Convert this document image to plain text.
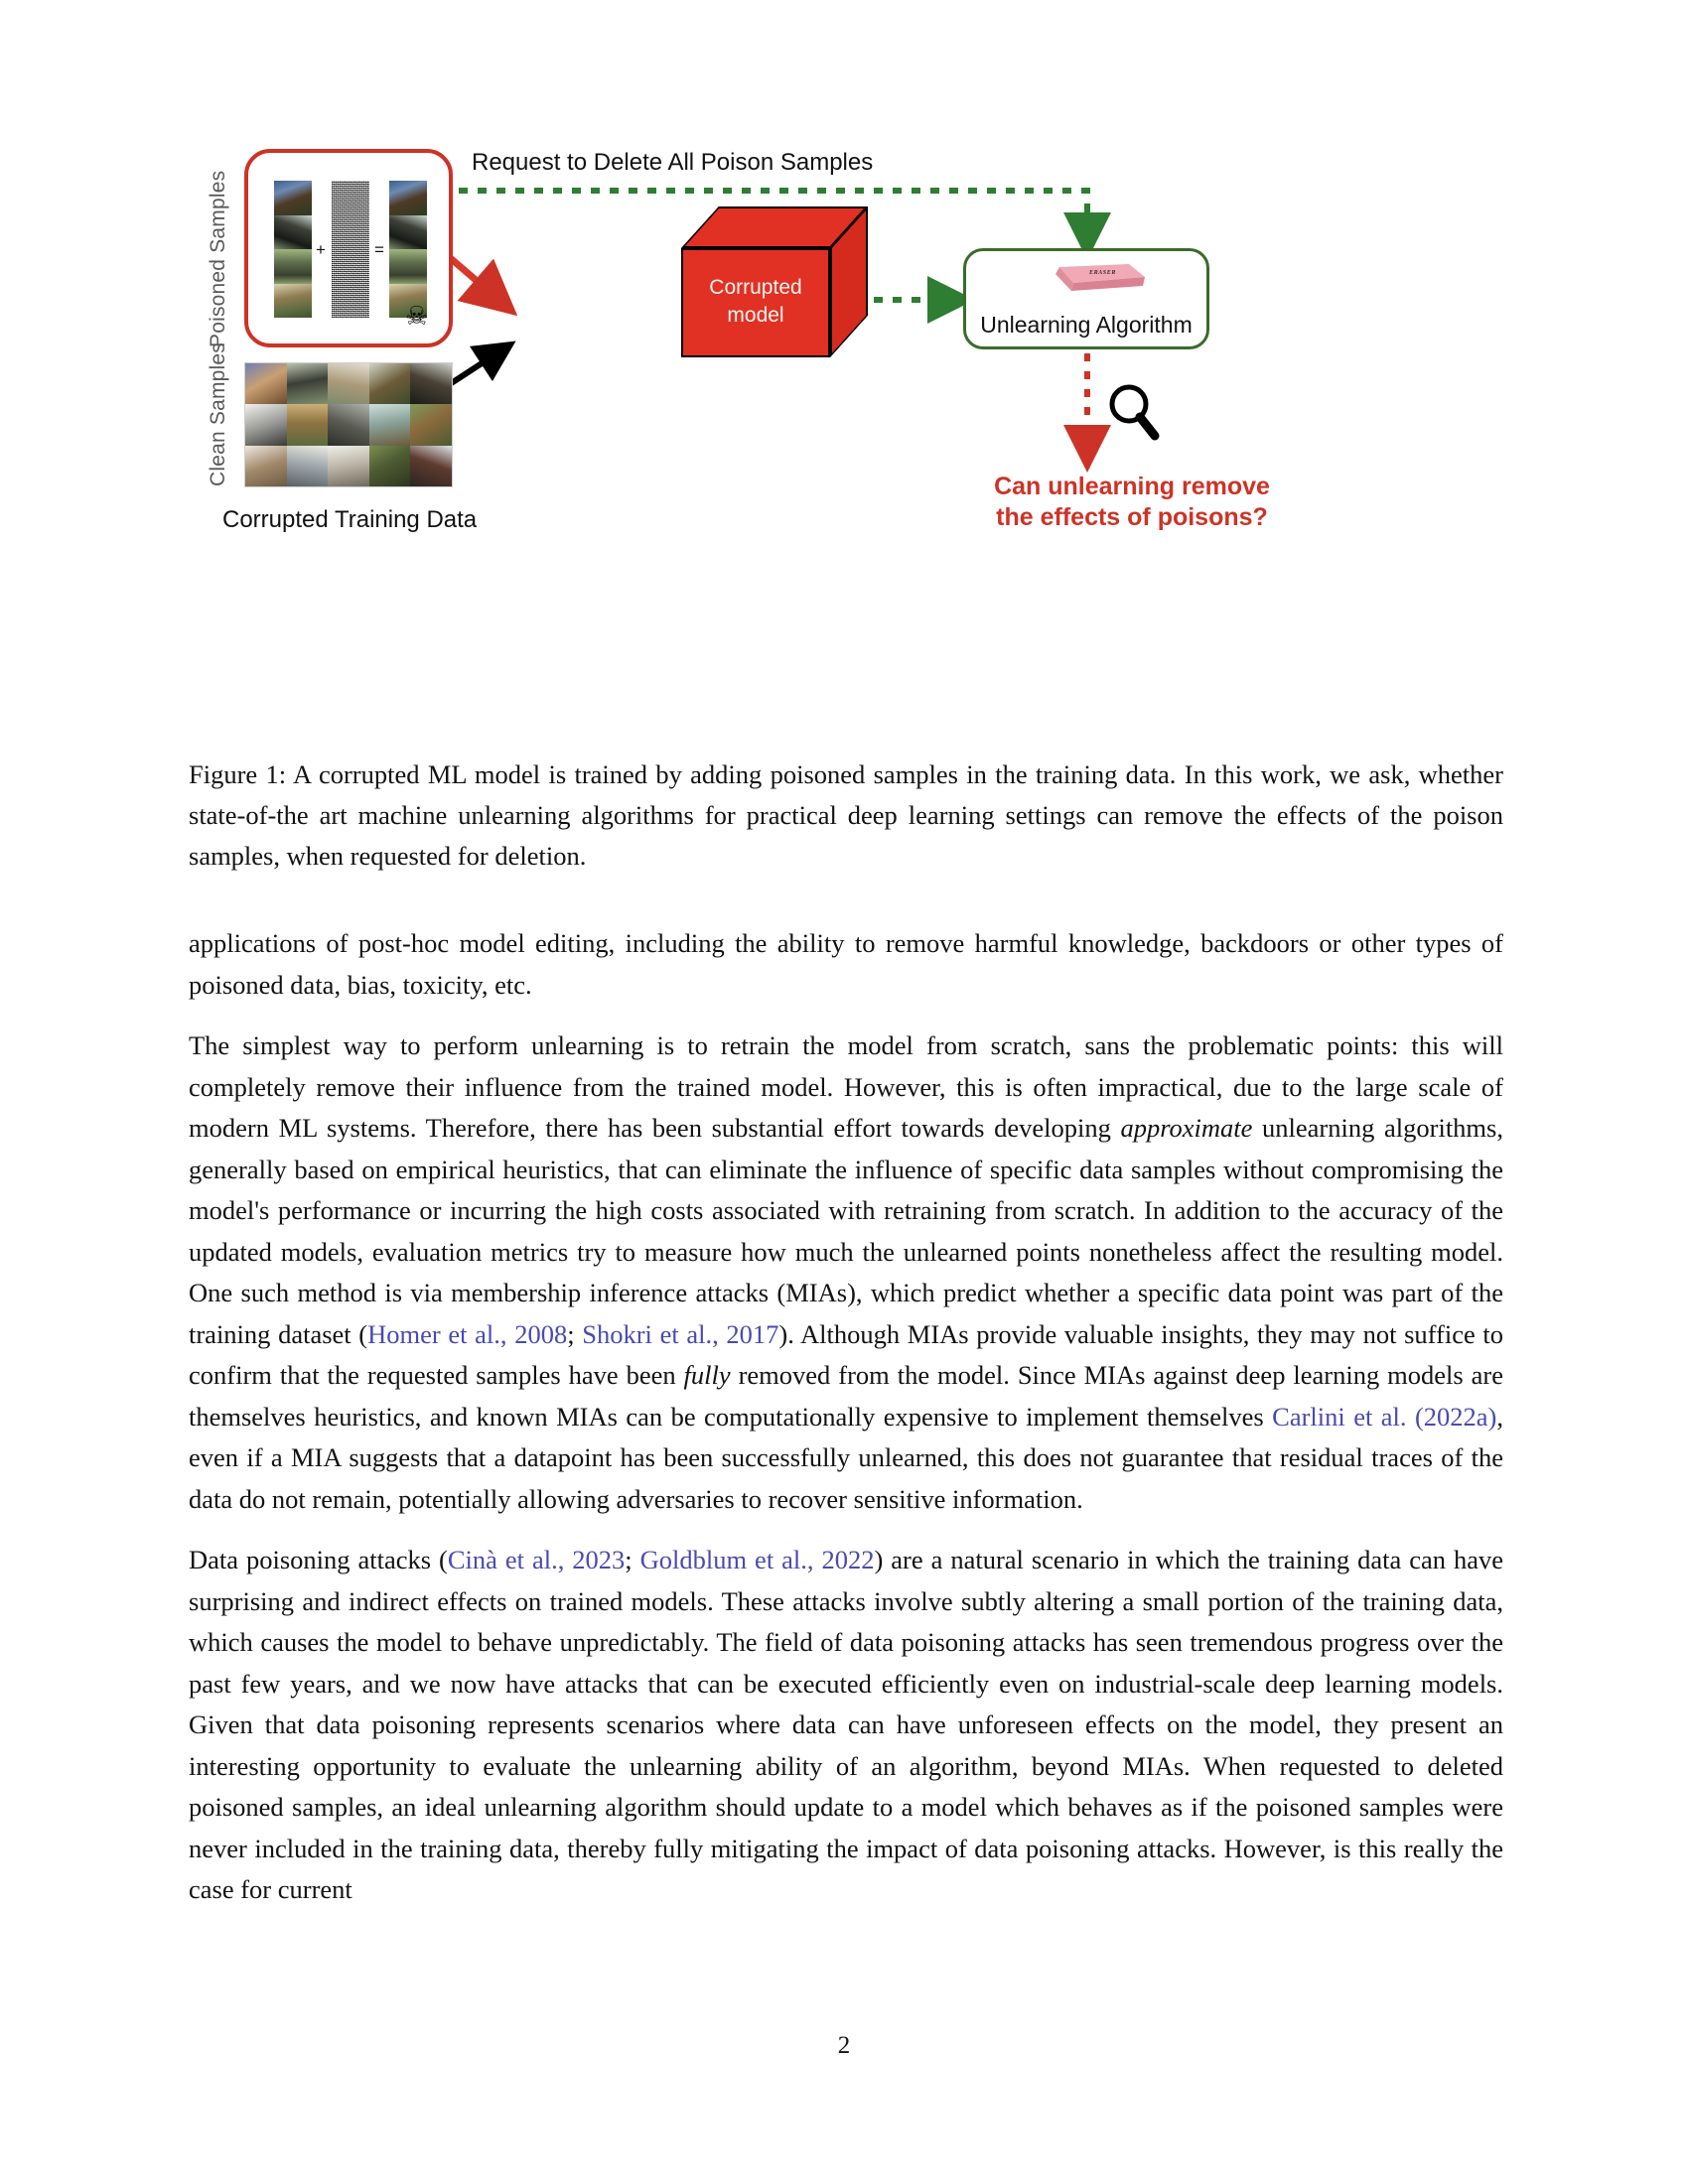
Poisoned Samples
Clean Samples
+	=
☠
Corrupted
model
ERASER
Unlearning Algorithm
Request to Delete All Poison Samples
Corrupted Training Data
Can unlearning remove
the effects of poisons?
Figure 1: A corrupted ML model is trained by adding poisoned samples in the training data. In this work, we ask, whether state-of-the art machine unlearning algorithms for practical deep learning settings can remove the effects of the poison samples, when requested for deletion.

applications of post-hoc model editing, including the ability to remove harmful knowledge, backdoors or other types of poisoned data, bias, toxicity, etc.

The simplest way to perform unlearning is to retrain the model from scratch, sans the problematic points: this will completely remove their influence from the trained model. However, this is often impractical, due to the large scale of modern ML systems. Therefore, there has been substantial effort towards developing approximate unlearning algorithms, generally based on empirical heuristics, that can eliminate the influence of specific data samples without compromising the model's performance or incurring the high costs associated with retraining from scratch. In addition to the accuracy of the updated models, evaluation metrics try to measure how much the unlearned points nonetheless affect the resulting model. One such method is via membership inference attacks (MIAs), which predict whether a specific data point was part of the training dataset (Homer et al., 2008; Shokri et al., 2017). Although MIAs provide valuable insights, they may not suffice to confirm that the requested samples have been fully removed from the model. Since MIAs against deep learning models are themselves heuristics, and known MIAs can be computationally expensive to implement themselves Carlini et al. (2022a), even if a MIA suggests that a datapoint has been successfully unlearned, this does not guarantee that residual traces of the data do not remain, potentially allowing adversaries to recover sensitive information.

Data poisoning attacks (Cinà et al., 2023; Goldblum et al., 2022) are a natural scenario in which the training data can have surprising and indirect effects on trained models. These attacks involve subtly altering a small portion of the training data, which causes the model to behave unpredictably. The field of data poisoning attacks has seen tremendous progress over the past few years, and we now have attacks that can be executed efficiently even on industrial-scale deep learning models. Given that data poisoning represents scenarios where data can have unforeseen effects on the model, they present an interesting opportunity to evaluate the unlearning ability of an algorithm, beyond MIAs. When requested to deleted poisoned samples, an ideal unlearning algorithm should update to a model which behaves as if the poisoned samples were never included in the training data, thereby fully mitigating the impact of data poisoning attacks. However, is this really the case for current

2
